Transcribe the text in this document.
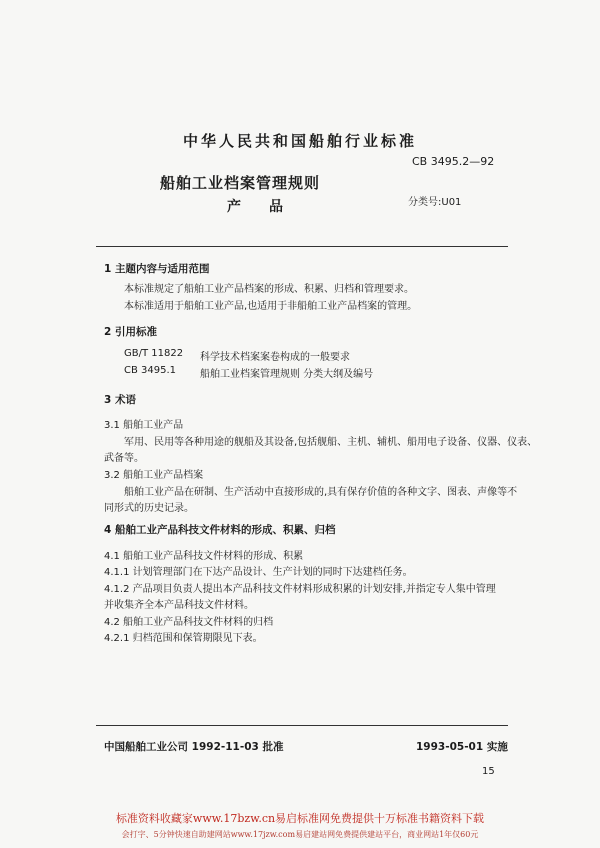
中华人民共和国船舶行业标准
CB 3495.2—92
船舶工业档案管理规则
产品	分类号:U01
1 主题内容与适用范围
本标准规定了船舶工业产品档案的形成、积累、归档和管理要求。
本标准适用于船舶工业产品,也适用于非船舶工业产品档案的管理。
2 引用标准
GB/T 11822 科学技术档案案卷构成的一般要求
CB 3495.1 船舶工业档案管理规则 分类大纲及编号
3 术语
3.1 船舶工业产品
军用、民用等各种用途的舰船及其设备,包括舰船、主机、辅机、船用电子设备、仪器、仪表、
武备等。
3.2 船舶工业产品档案
船舶工业产品在研制、生产活动中直接形成的,具有保存价值的各种文字、图表、声像等不
同形式的历史记录。
4 船舶工业产品科技文件材料的形成、积累、归档
4.1 船舶工业产品科技文件材料的形成、积累
4.1.1 计划管理部门在下达产品设计、生产计划的同时下达建档任务。
4.1.2 产品项目负责人提出本产品科技文件材料形成积累的计划安排,并指定专人集中管理
并收集齐全本产品科技文件材料。
4.2 船舶工业产品科技文件材料的归档
4.2.1 归档范围和保管期限见下表。
中国船舶工业公司 1992-11-03 批准	1993-05-01 实施
15
标准资料收藏家www.17bzw.cn易启标准网免费提供十万标准书籍资料下载
会打字、5分钟快速自助建网站www.17jzw.com易启建站网免费提供建站平台，商业网站1年仅60元
